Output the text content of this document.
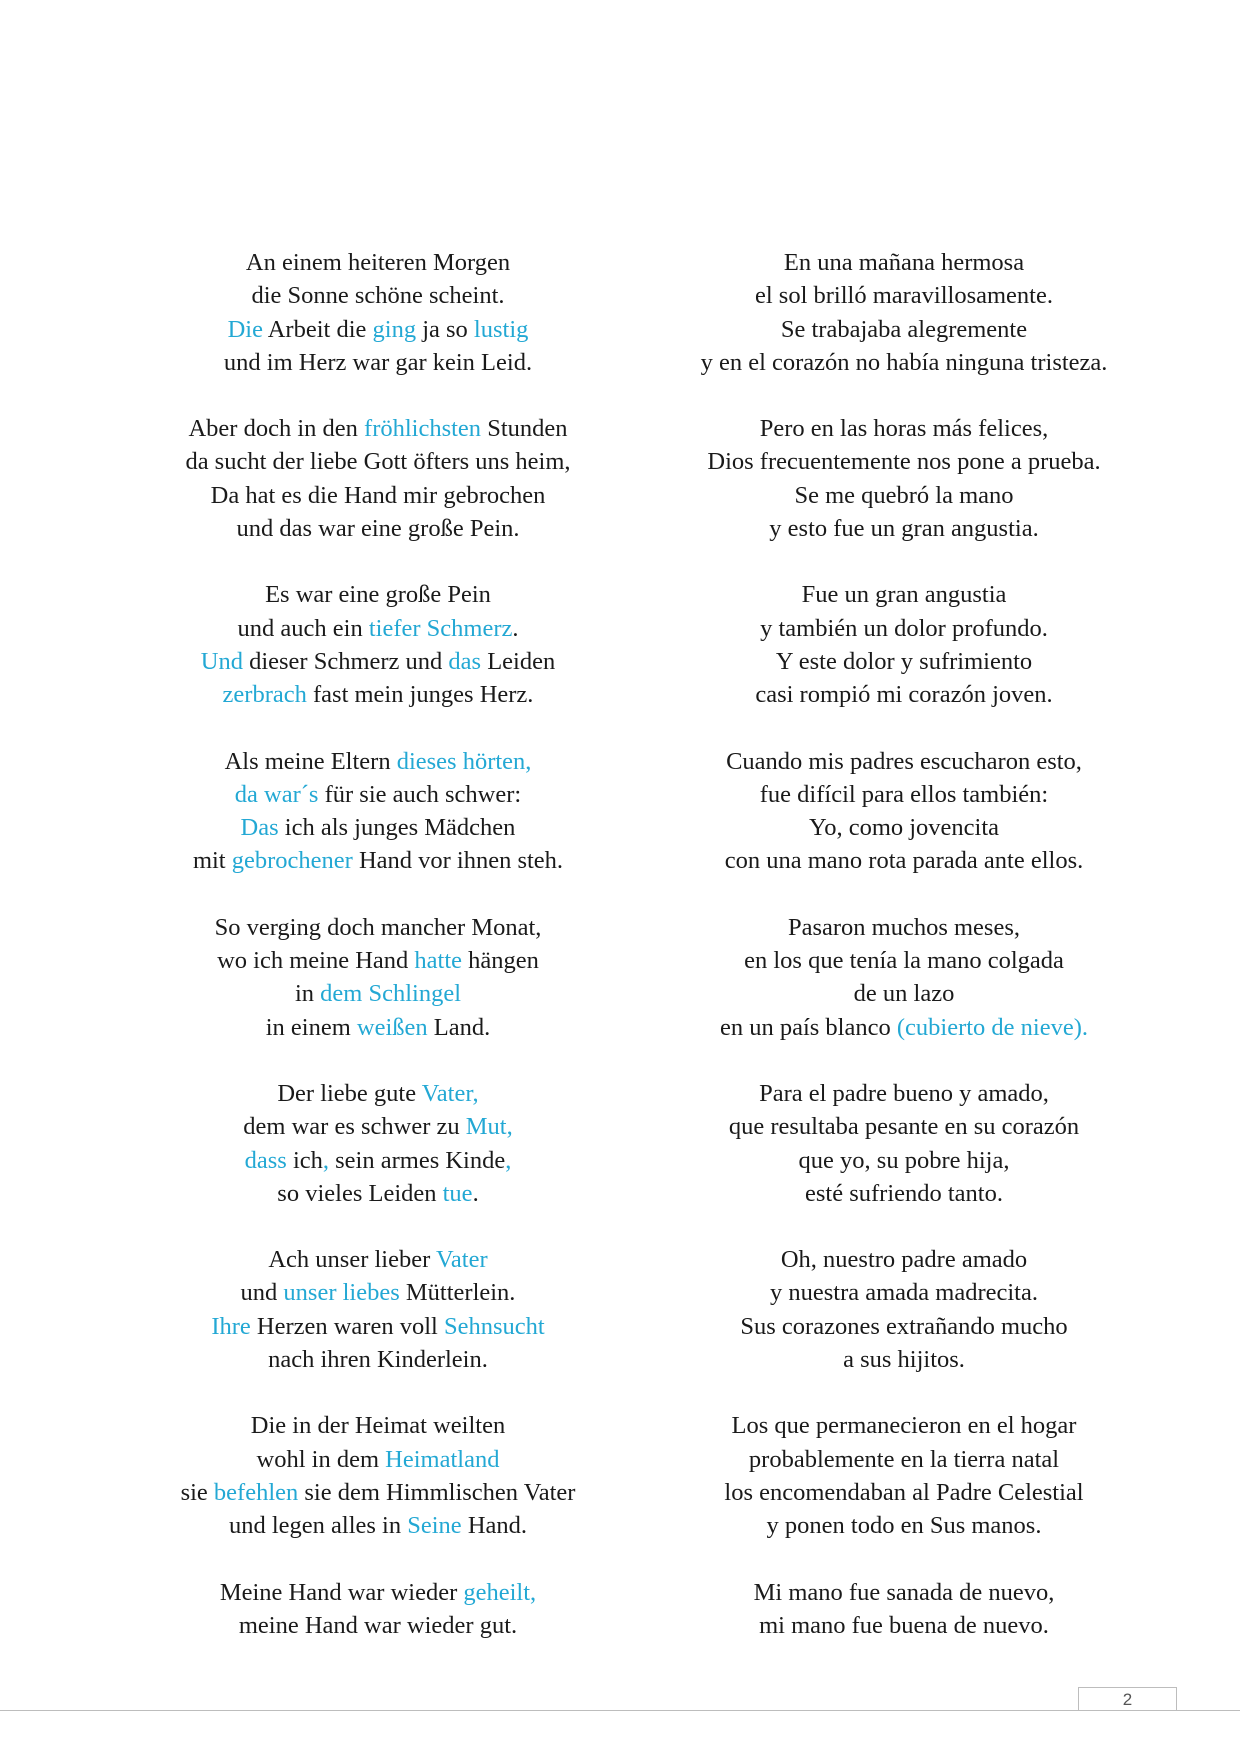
An einem heiteren Morgen
die Sonne schöne scheint.
Die Arbeit die ging ja so lustig
und im Herz war gar kein Leid.
Aber doch in den fröhlichsten Stunden
da sucht der liebe Gott öfters uns heim,
Da hat es die Hand mir gebrochen
und das war eine große Pein.
Es war eine große Pein
und auch ein tiefer Schmerz.
Und dieser Schmerz und das Leiden
zerbrach fast mein junges Herz.
Als meine Eltern dieses hörten,
da war´s für sie auch schwer:
Das ich als junges Mädchen
mit gebrochener Hand vor ihnen steh.
So verging doch mancher Monat,
wo ich meine Hand hatte hängen
in dem Schlingel
in einem weißen Land.
Der liebe gute Vater,
dem war es schwer zu Mut,
dass ich, sein armes Kinde,
so vieles Leiden tue.
Ach unser lieber Vater
und unser liebes Mütterlein.
Ihre Herzen waren voll Sehnsucht
nach ihren Kinderlein.
Die in der Heimat weilten
wohl in dem Heimatland
sie befehlen sie dem Himmlischen Vater
und legen alles in Seine Hand.
Meine Hand war wieder geheilt,
meine Hand war wieder gut.
En una mañana hermosa
el sol brilló maravillosamente.
Se trabajaba alegremente
y en el corazón no había ninguna tristeza.
Pero en las horas más felices,
Dios frecuentemente nos pone a prueba.
Se me quebró la mano
y esto fue un gran angustia.
Fue un gran angustia
y también un dolor profundo.
Y este dolor y sufrimiento
casi rompió mi corazón joven.
Cuando mis padres escucharon esto,
fue difícil para ellos también:
Yo, como jovencita
con una mano rota parada ante ellos.
Pasaron muchos meses,
en los que tenía la mano colgada
de un lazo
en un país blanco (cubierto de nieve).
Para el padre bueno y amado,
que resultaba pesante en su corazón
que yo, su pobre hija,
esté sufriendo tanto.
Oh, nuestro padre amado
y nuestra amada madrecita.
Sus corazones extrañando mucho
a sus hijitos.
Los que permanecieron en el hogar
probablemente en la tierra natal
los encomendaban al Padre Celestial
y ponen todo en Sus manos.
Mi mano fue sanada de nuevo,
mi mano fue buena de nuevo.
2
